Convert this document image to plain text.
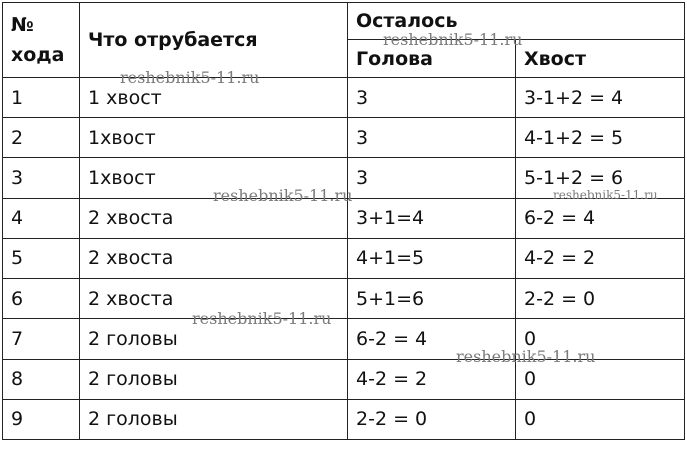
№
хода	Что отрубается	Осталось	
		Голова	Хвост
1	1 хвост	3	3-1+2 = 4
2	1хвост	3	4-1+2 = 5
3	1хвост	3	5-1+2 = 6
4	2 хвоста	3+1=4	6-2 = 4
5	2 хвоста	4+1=5	4-2 = 2
6	2 хвоста	5+1=6	2-2 = 0
7	2 головы	6-2 = 4	0
8	2 головы	4-2 = 2	0
9	2 головы	2-2 = 0	0
reshebnik5-11.ru
reshebnik5-11.ru
reshebnik5-11.ru	reshebnik5-11.ru
reshebnik5-11.ru
reshebnik5-11.ru
